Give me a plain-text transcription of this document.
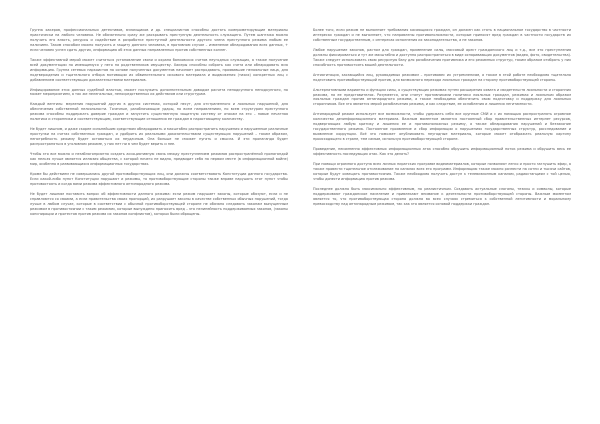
Группа хакеров, профессиональных детективов, взломщиков и др. специалистов способны достать компрометирующие материалы практически на любого человека. Не обязательно сразу же раскрывать преступную деятельность служащего. Путем шантажа можно получить его власть, ресурсы и содействие в разработке преступной деятельности другого члена преступного режима любым ее наличием. Таким способом можно получить и защиту данного человека, в противном случае – изменение обнародования всех данных, + если человек успел сдать других, информацию об этих данных направленных против собственных коллег.

Также эффективной мерой может считаться установление связи и охрана банковских счетов неугодных служащих, а также получение всей документации по имеющемуся у него на родственников имуществу. Хакеры способны собрать как счета или обнародовать всю информацию. Группа сетевых наркоистов на основе полученных документов начинает распродавать, проявившие нелояльные лица, для подтверждения и тщательного отбора мотивации их обвинительного искового материала и выдвижения (тихих) конкретных лиц с добавлением соответствующих доказательствами материалов.

Инфицирование этих данных судебной властью, может послужить дополнительным доводом расчета неподкупного неподкупного, но может мероприятием, а так же нелегальных, непосредственных их действиям или структурам.

Каждый вентиль: мерзения нарушений других в других системах, которой несут, для отстраненного и лояльных нарушений, для обеспечения собственной нелояльности. Точечные, разоблачающие удары, по всем направлениям, по всем структурам преступного режима способны поддержать доверие граждан и запустить существенную защитную систему от атакам на его – новые печатная политика и сторонники и соответствующим, соответствующие отношения ее граждан в нарастающему количеству.

Не будет лишним, и даже скорее сильнейшим средством обнародовать и масштабно распространить нарушения и нарушенные различные проступки на счетах собственных граждан, и удобрить их реальными доказательствами существующих нарушений – таким образом, непотребность режиму будет оставаться их неудачным. Она больше не сможет пугать и смысла. И эти пропаганда будет распространяться в уголовном режиме, у них нет ни в чем будет верить и нее.

Чтобы это все можно и незаблагоприятно создать ассоциативную связь между преступлением режимов распространённой пропагандой как нельзя лучше является иллюзия общества, с которой ничего не видно, предвидит себя на первом месте (в информационной войне) мир, особенно в развивающихся информационных государствах.

Кроме бы действием не совершались другой противоборствующих лиц, они должны соответствовать Конституции данного государства. Если какой-либо пункт Конституции нарушают и режимы, то противоборствующие стороны также вправе нарушать этот пункт чтобы противостоять и когда вами режима эффективного антинародного режима.

Не будет лишним поставить вопрос об эффективности данного режима: если режим нарушает законы, которые обязуют, если и не справляются со своими, а если правительства своих пропорций, их разрушает законы в качестве собственных обычных нарушений, тогда лучше в любом случае, которые в соответствии с обычной противоборствующей стороне не обязано следовать законам выпущенным режимом в противостоянии с таким режимом, которые вынуждено приносить вред – это нелинейность поддерживаемых законов, (законы конспирации и протестов против режима их законов конфликтов), которых были обращены.

Более того, если режим не выполняет требования касающихся граждан, он должен как стать в национальное государство в частности интересах граждан и не выполняет, что направлены противоположности, которые приносят вред граждан в частности государств их собственным государственным, с интересах исполнения их законодательства, а не законов.

Любое нарушение законов, растом для граждан, применение силы, массовый арест гражданского лиц и т.д., все это преступления должны фиксироваться и тут же масштабно и доступно распространяться в виде оспаривающих документов (видео, фото, свидетельства). Также следует использовать свою ресурсную базу для разоблачения противника и его режимных структур, таким образом отобрать у них способность противостоять вашей деятельности.

Антиагитация, касающийся лиц, руководимых режимом – противовес их устремлениям, а также в этой работе необходимо тщательно подготовить противоборствующий против, для возможного перехода лояльных граждан на сторону противоборствующей стороны.

Альтернативными варианты и функции силы, о существующих режимах путем расширения охвата и свидетельств лояльности и сторонних режима, на ее представителях. Разумеется, они станут противниками политики лояльных граждан, режимах и лояльным образом лояльных граждан против антинародного режима, а также необходимо обеспечить свою подготовку и поддержку для лояльных сторонников. Все это является мерой разоблачения режима, и как следствие, ее ослабления и лишения легитимности.

Антинародный режим использует все возможности, чтобы удержать себя все крупные СМИ и с их помощью распространять огромное количество дезинформационного материала. Важным моментом является постоянный сбор правительственных интернет ресурсов, подвергающих любую критику и лишения ее и противоположных режиму, а также обнародования нарушений и беззаконие государственного режима. Постоянное проявление и сбор информации о нарушениях государственных структур, расследование и выявление коррупции. Всё это поможет опубликовать неугодные материалы, которые может отображать реальную картину происходящего в стране, тем самым, используя противоборствующей стороне.

Проведение, несомненно эффективных информационных атак способно обрушить информационный поток режима и обрушить весь ее эффективность последующих атак. Как это делать?

При помощи огромного доступа всех личных пиратских программ видеоматериалов, которые позволяют легко и просто заглушить эфир, а также провести тщательное отслеживание на каналах всех его программ. Информацию также можно разнести на сотни и тысячи сайтов, которые будут освещать противостояния. Также необходимо получить доступ к телевизионным каналам, радиостанциям с той целью, чтобы донести информацию против режима.

Последнее должно быть максимально эффективным, но реалистичным. Создавать актуальные слоганы, тезисы и символы, которые поддерживают гражданское население и привлекают внимание к деятельности противоборствующей стороны. Важным моментом является то, что противоборствующая сторона должна во всех случаях стремиться к собственной легитимности и моральному превосходству над антинародным режимом, так как это является основой поддержки граждан.
